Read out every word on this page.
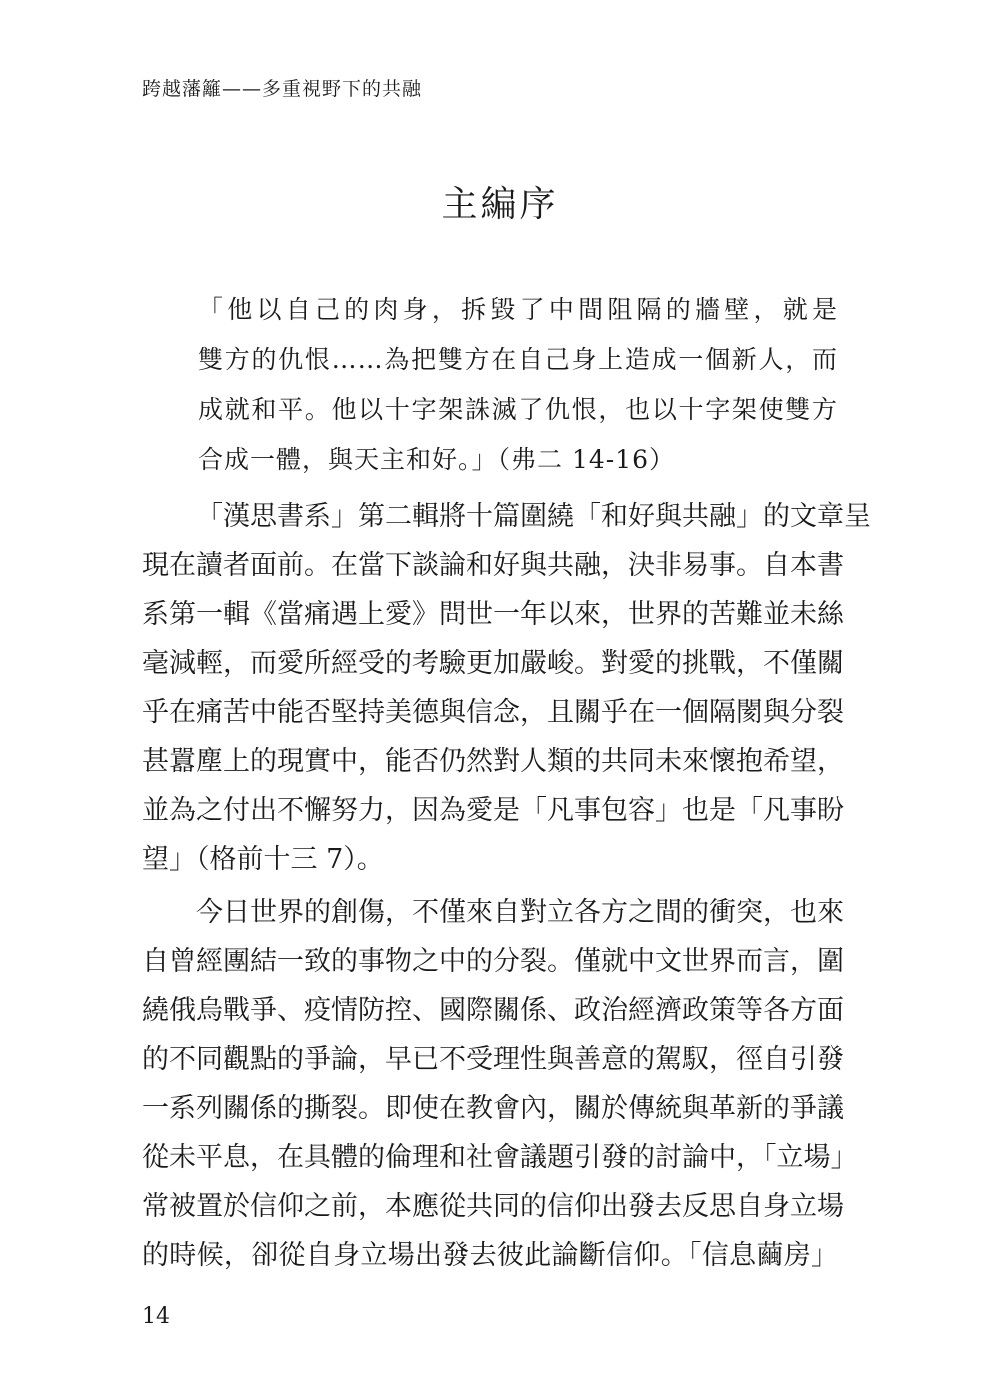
跨越藩籬——多重視野下的共融
主編序
「他以自己的肉身，拆毀了中間阻隔的牆壁，就是
雙方的仇恨……為把雙方在自己身上造成一個新人，而
成就和平。他以十字架誅滅了仇恨，也以十字架使雙方
合成一體，與天主和好。」（弗二 14-16）
「漢思書系」第二輯將十篇圍繞「和好與共融」的文章呈
現在讀者面前。在當下談論和好與共融，決非易事。自本書
系第一輯《當痛遇上愛》問世一年以來，世界的苦難並未絲
毫減輕，而愛所經受的考驗更加嚴峻。對愛的挑戰，不僅關
乎在痛苦中能否堅持美德與信念，且關乎在一個隔閡與分裂
甚囂塵上的現實中，能否仍然對人類的共同未來懷抱希望，
並為之付出不懈努力，因為愛是「凡事包容」也是「凡事盼
望」（格前十三 7）。
今日世界的創傷，不僅來自對立各方之間的衝突，也來
自曾經團結一致的事物之中的分裂。僅就中文世界而言，圍
繞俄烏戰爭、疫情防控、國際關係、政治經濟政策等各方面
的不同觀點的爭論，早已不受理性與善意的駕馭，徑自引發
一系列關係的撕裂。即使在教會內，關於傳統與革新的爭議
從未平息，在具體的倫理和社會議題引發的討論中，「立場」
常被置於信仰之前，本應從共同的信仰出發去反思自身立場
的時候，卻從自身立場出發去彼此論斷信仰。「信息繭房」
14
